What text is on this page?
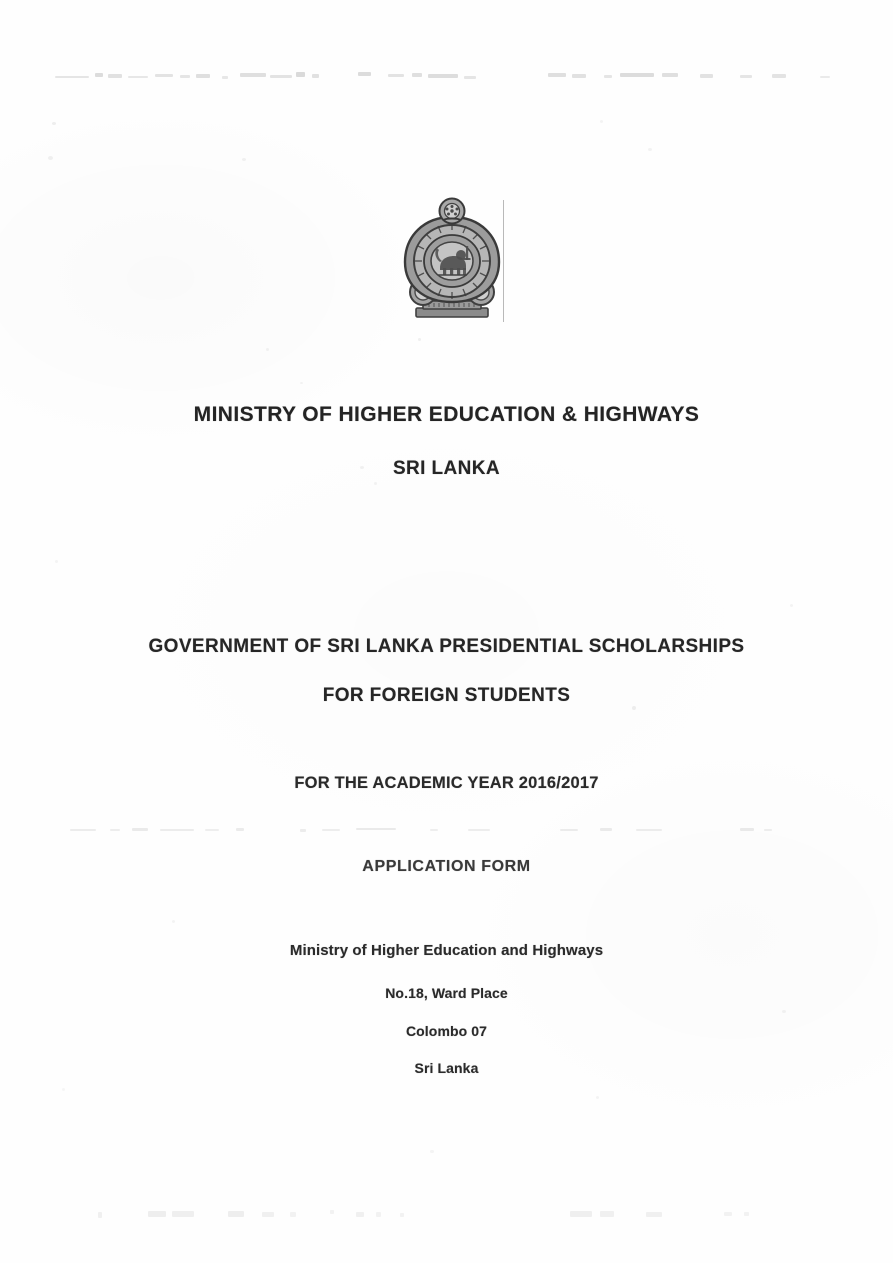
MINISTRY OF HIGHER EDUCATION & HIGHWAYS
SRI LANKA
GOVERNMENT OF SRI LANKA PRESIDENTIAL SCHOLARSHIPS
FOR FOREIGN STUDENTS
FOR THE ACADEMIC YEAR 2016/2017
APPLICATION FORM
Ministry of Higher Education and Highways
No.18, Ward Place
Colombo 07
Sri Lanka
